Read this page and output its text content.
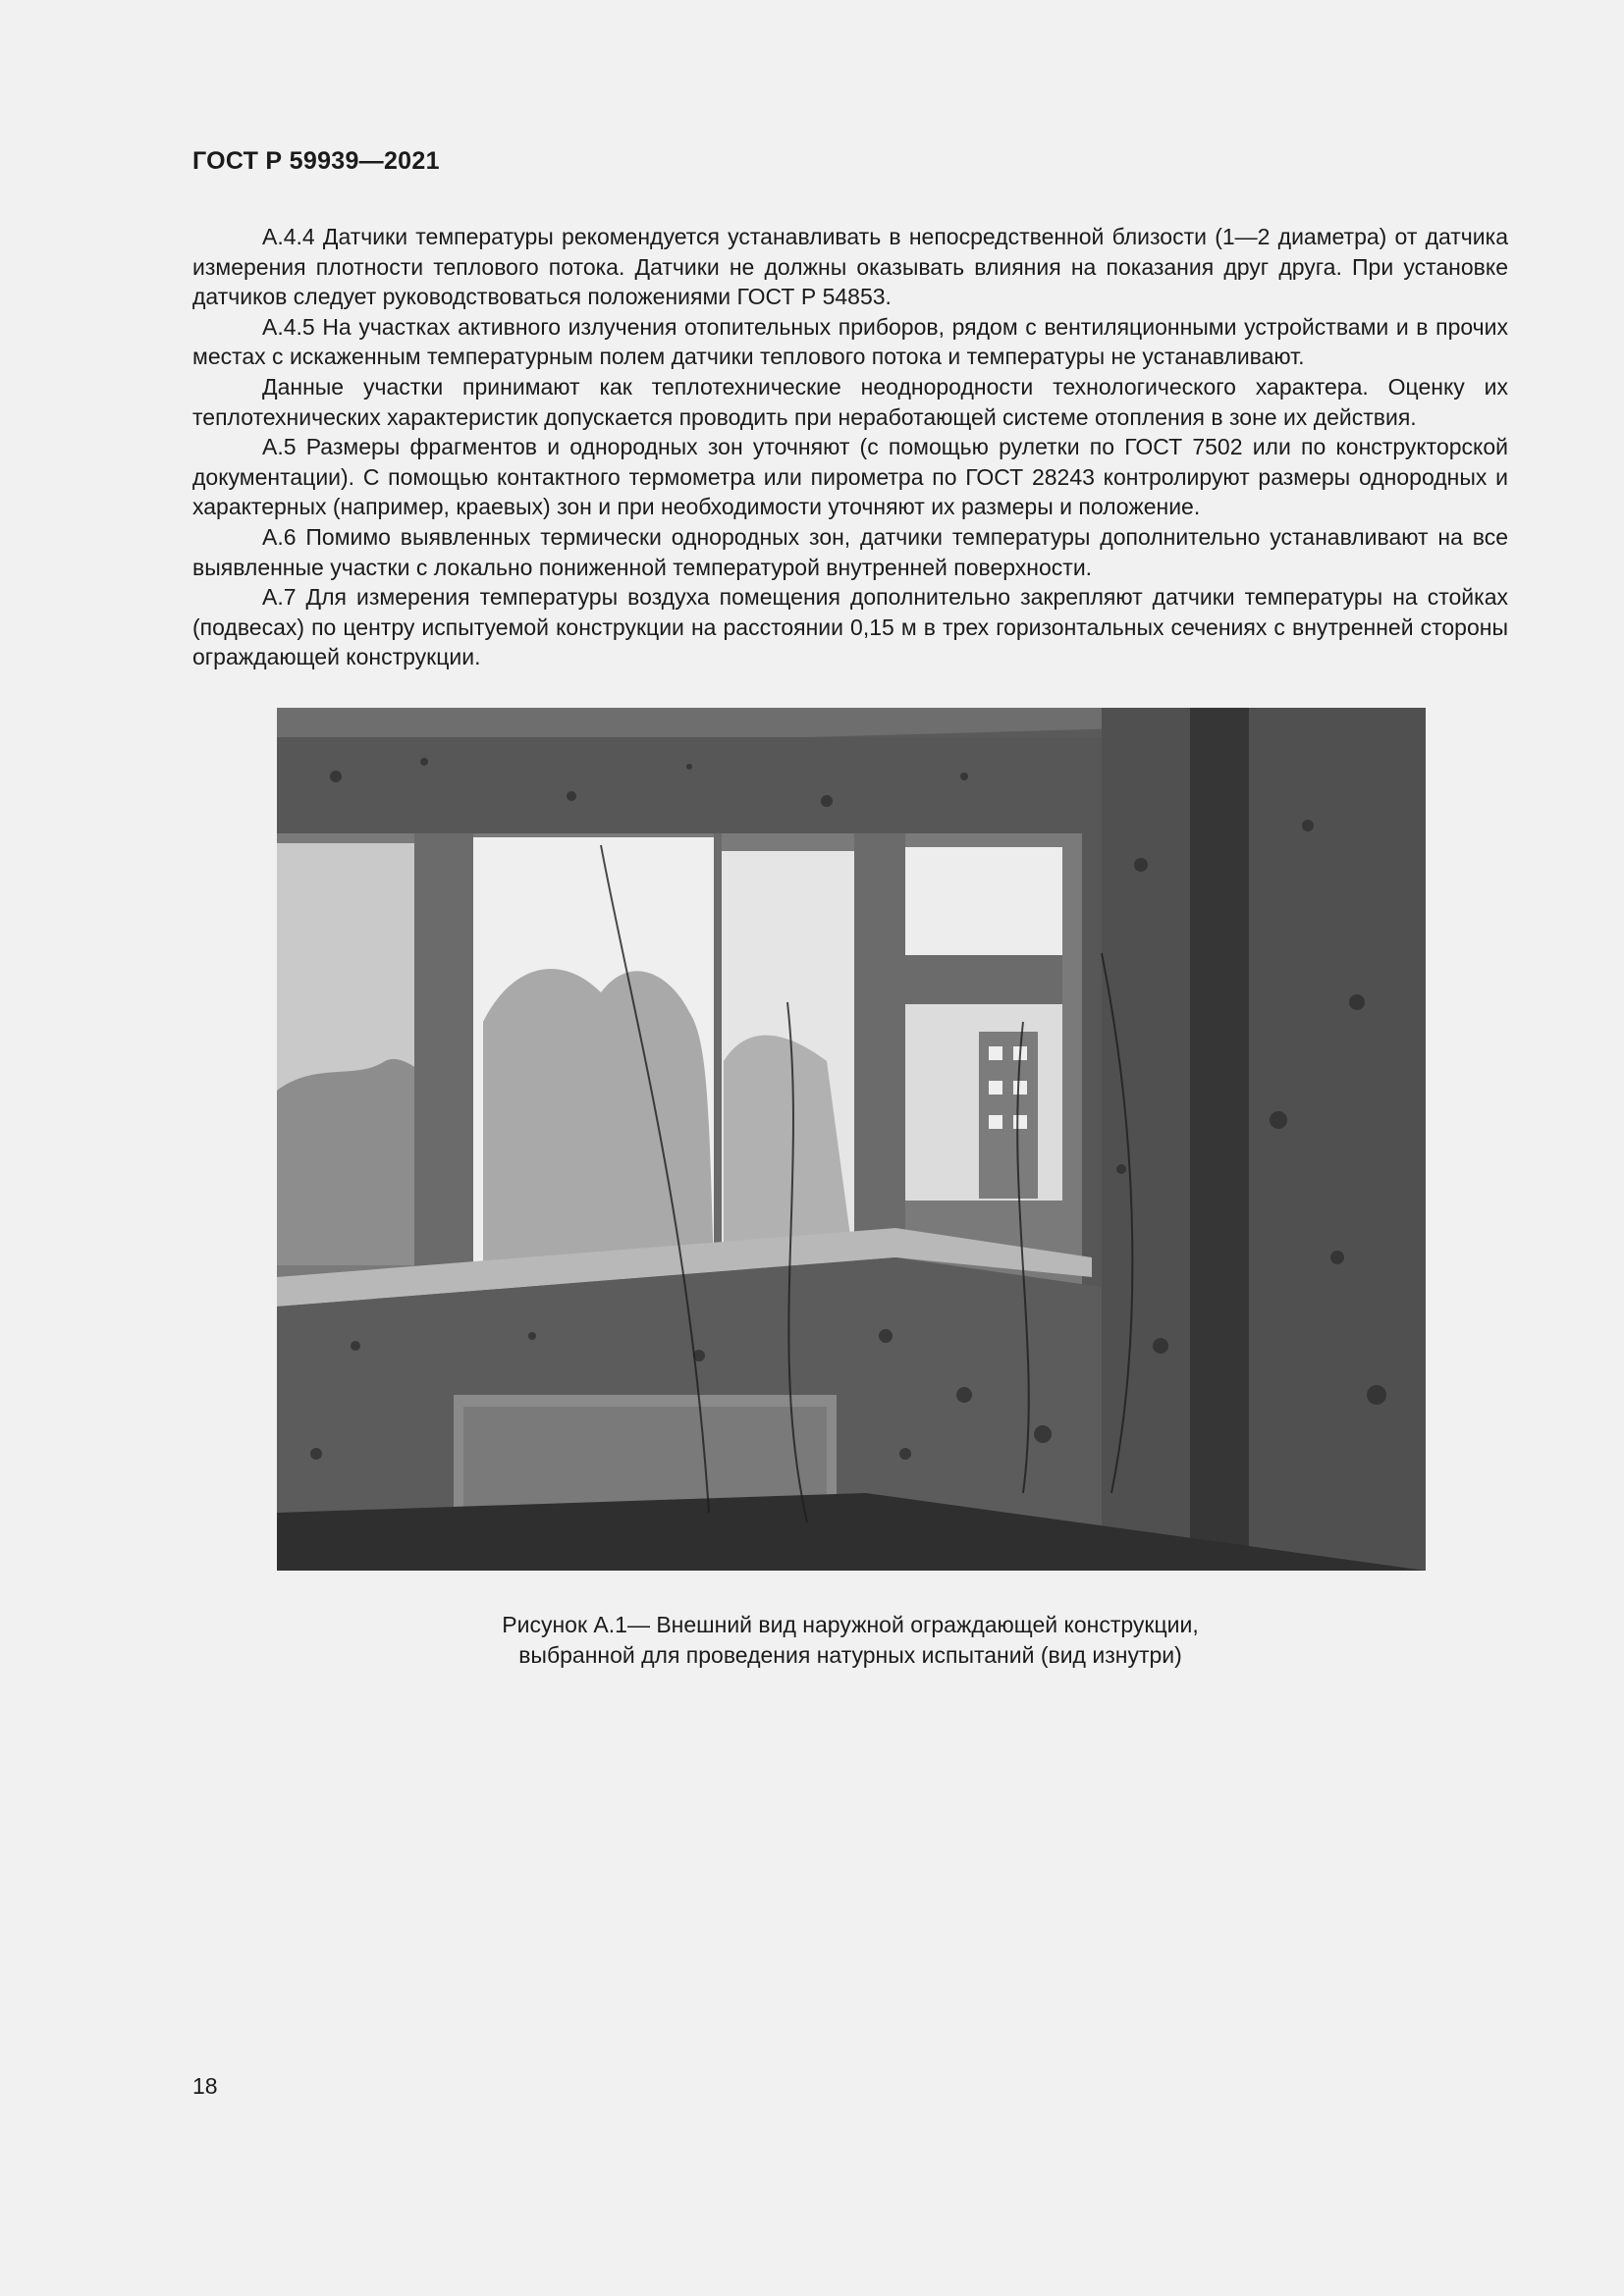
ГОСТ Р 59939—2021

А.4.4 Датчики температуры рекомендуется устанавливать в непосредственной близости (1—2 диаметра) от датчика измерения плотности теплового потока. Датчики не должны оказывать влияния на показания друг друга. При установке датчиков следует руководствоваться положениями ГОСТ Р 54853.

А.4.5 На участках активного излучения отопительных приборов, рядом с вентиляционными устройствами и в прочих местах с искаженным температурным полем датчики теплового потока и температуры не устанавливают.

Данные участки принимают как теплотехнические неоднородности технологического характера. Оценку их теплотехнических характеристик допускается проводить при неработающей системе отопления в зоне их действия.

А.5 Размеры фрагментов и однородных зон уточняют (с помощью рулетки по ГОСТ 7502 или по конструкторской документации). С помощью контактного термометра или пирометра по ГОСТ 28243 контролируют размеры однородных и характерных (например, краевых) зон и при необходимости уточняют их размеры и положение.

А.6 Помимо выявленных термически однородных зон, датчики температуры дополнительно устанавливают на все выявленные участки с локально пониженной температурой внутренней поверхности.

А.7 Для измерения температуры воздуха помещения дополнительно закрепляют датчики температуры на стойках (подвесах) по центру испытуемой конструкции на расстоянии 0,15 м в трех горизонтальных сечениях с внутренней стороны ограждающей конструкции.

Рисунок А.1— Внешний вид наружной ограждающей конструкции,
выбранной для проведения натурных испытаний (вид изнутри)
18
